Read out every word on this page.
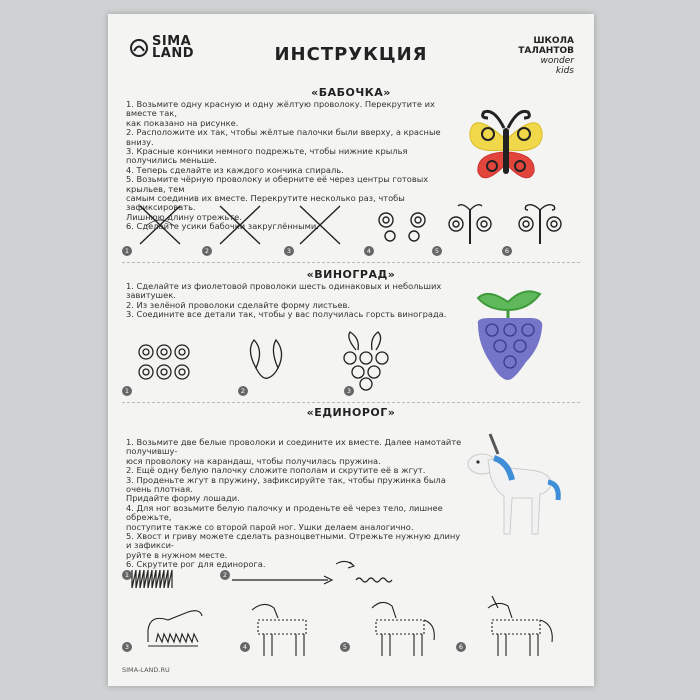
SIMA
LAND	ИНСТРУКЦИЯ
ШКОЛА
ТАЛАНТОВ
wonder
kids
«БАБОЧКА»

1. Возьмите одну красную и одну жёлтую проволоку. Перекрутите их вместе так,

как показано на рисунке.

2. Расположите их так, чтобы жёлтые палочки были вверху, а красные внизу.

3. Красные кончики немного подрежьте, чтобы нижние крылья получились меньше.

4. Теперь сделайте из каждого кончика спираль.

5. Возьмите чёрную проволоку и оберните её через центры готовых крыльев, тем

самым соединив их вместе. Перекрутите несколько раз, чтобы зафиксировать.

Лишнюю длину отрежьте.

6. Сделайте усики бабочки закруглёнными.

1	2	3	4	5	6
«ВИНОГРАД»

1. Сделайте из фиолетовой проволоки шесть одинаковых и небольших завитушек.

2. Из зелёной проволоки сделайте форму листьев.

3. Соедините все детали так, чтобы у вас получилась горсть винограда.

1	2	3
«ЕДИНОРОГ»

1. Возьмите две белые проволоки и соедините их вместе. Далее намотайте получившу-

юся проволоку на карандаш, чтобы получилась пружина.

2. Ещё одну белую палочку сложите пополам и скрутите её в жгут.

3. Проденьте жгут в пружину, зафиксируйте так, чтобы пружинка была очень плотная.

Придайте форму лошади.

4. Для ног возьмите белую палочку и проденьте её через тело, лишнее обрежьте,

поступите также со второй парой ног. Ушки делаем аналогично.

5. Хвост и гриву можете сделать разноцветными. Отрежьте нужную длину и зафикси-

руйте в нужном месте.

6. Скрутите рог для единорога.

1	2
3	4	5	6
SIMA-LAND.RU
